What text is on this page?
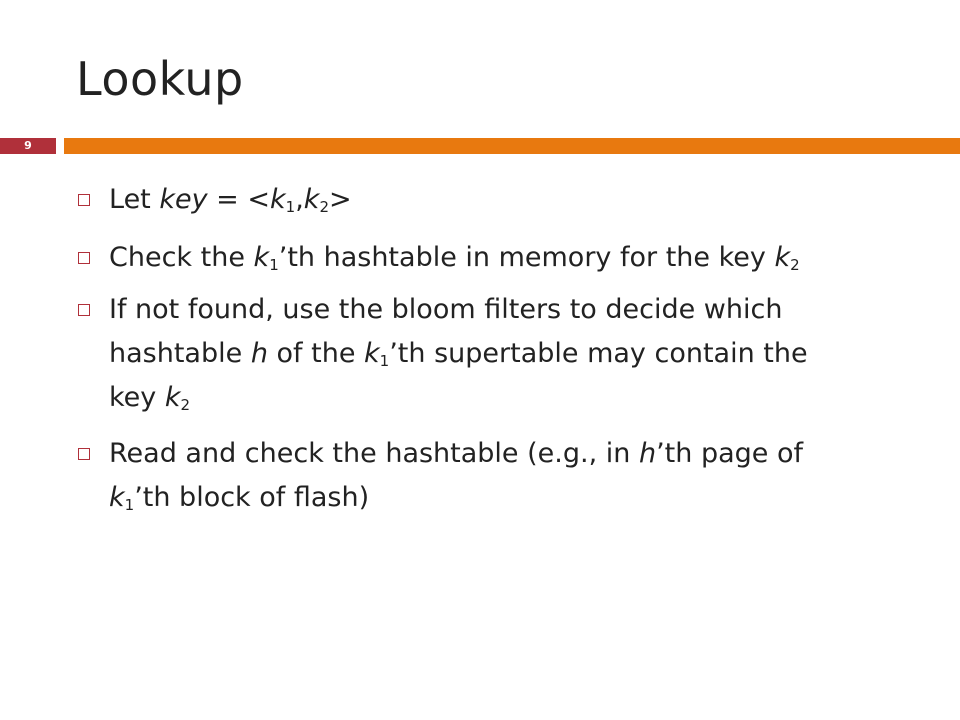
Lookup
9
Let key = $<k_1,k_2>$
Check the $k_1’th$ hashtable in memory for the key $k_2$
If not found, use the bloom filters to decide which
hashtable h of the $k_1’th$ supertable may contain the
key $k_2$
Read and check the hashtable (e.g., in h’th page of
$k_1’th$ block of flash)
